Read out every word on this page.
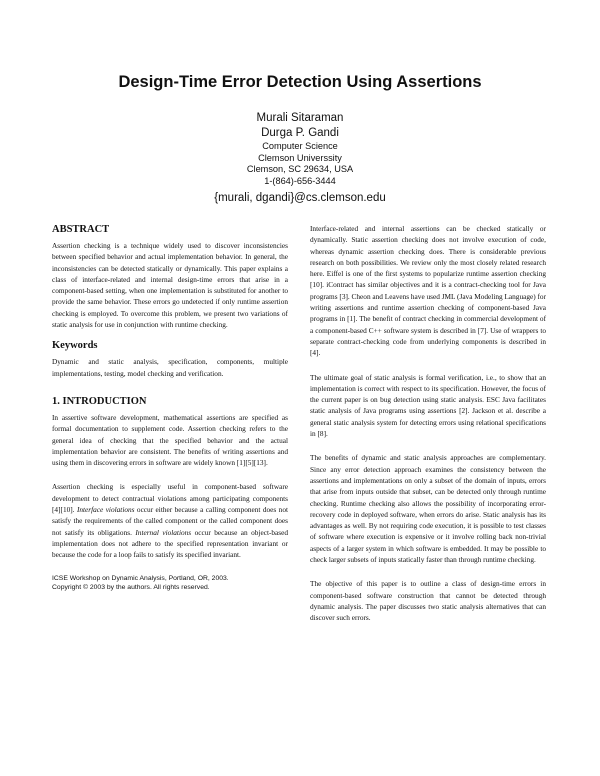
Design-Time Error Detection Using Assertions
Murali Sitaraman
Durga P. Gandi
Computer Science
Clemson Universsity
Clemson, SC 29634, USA
1-(864)-656-3444
{murali, dgandi}@cs.clemson.edu
ABSTRACT

Assertion checking is a technique widely used to discover inconsistencies between specified behavior and actual implementation behavior. In general, the inconsistencies can be detected statically or dynamically. This paper explains a class of interface-related and internal design-time errors that arise in a component-based setting, when one implementation is substituted for another to provide the same behavior. These errors go undetected if only runtime assertion checking is employed. To overcome this problem, we present two variations of static analysis for use in conjunction with runtime checking.

Keywords

Dynamic and static analysis, specification, components, multiple implementations, testing, model checking and verification.

1. INTRODUCTION

In assertive software development, mathematical assertions are specified as formal documentation to supplement code. Assertion checking refers to the general idea of checking that the specified behavior and the actual implementation behavior are consistent. The benefits of writing assertions and using them in discovering errors in software are widely known [1][5][13].

Assertion checking is especially useful in component-based software development to detect contractual violations among participating components [4][10]. Interface violations occur either because a calling component does not satisfy the requirements of the called component or the called component does not satisfy its obligations. Internal violations occur because an object-based implementation does not adhere to the specified representation invariant or because the code for a loop fails to satisfy its specified invariant.

ICSE Workshop on Dynamic Analysis, Portland, OR, 2003.
Copyright © 2003 by the authors. All rights reserved.

Interface-related and internal assertions can be checked statically or dynamically. Static assertion checking does not involve execution of code, whereas dynamic assertion checking does. There is considerable previous research on both possibilities. We review only the most closely related research here. Eiffel is one of the first systems to popularize runtime assertion checking [10]. iContract has similar objectives and it is a contract-checking tool for Java programs [3]. Cheon and Leavens have used JML (Java Modeling Language) for writing assertions and runtime assertion checking of component-based Java programs in [1]. The benefit of contract checking in commercial development of a component-based C++ software system is described in [7]. Use of wrappers to separate contract-checking code from underlying components is described in [4].

The ultimate goal of static analysis is formal verification, i.e., to show that an implementation is correct with respect to its specification. However, the focus of the current paper is on bug detection using static analysis. ESC Java facilitates static analysis of Java programs using assertions [2]. Jackson et al. describe a general static analysis system for detecting errors using relational specifications in [8].

The benefits of dynamic and static analysis approaches are complementary. Since any error detection approach examines the consistency between the assertions and implementations on only a subset of the domain of inputs, errors that arise from inputs outside that subset, can be detected only through runtime checking. Runtime checking also allows the possibility of incorporating error-recovery code in deployed software, when errors do arise. Static analysis has its advantages as well. By not requiring code execution, it is possible to test classes of software where execution is expensive or it involve rolling back non-trivial aspects of a larger system in which software is embedded. It may be possible to check larger subsets of inputs statically faster than through runtime checking.

The objective of this paper is to outline a class of design-time errors in component-based software construction that cannot be detected through dynamic analysis. The paper discusses two static analysis alternatives that can discover such errors.
